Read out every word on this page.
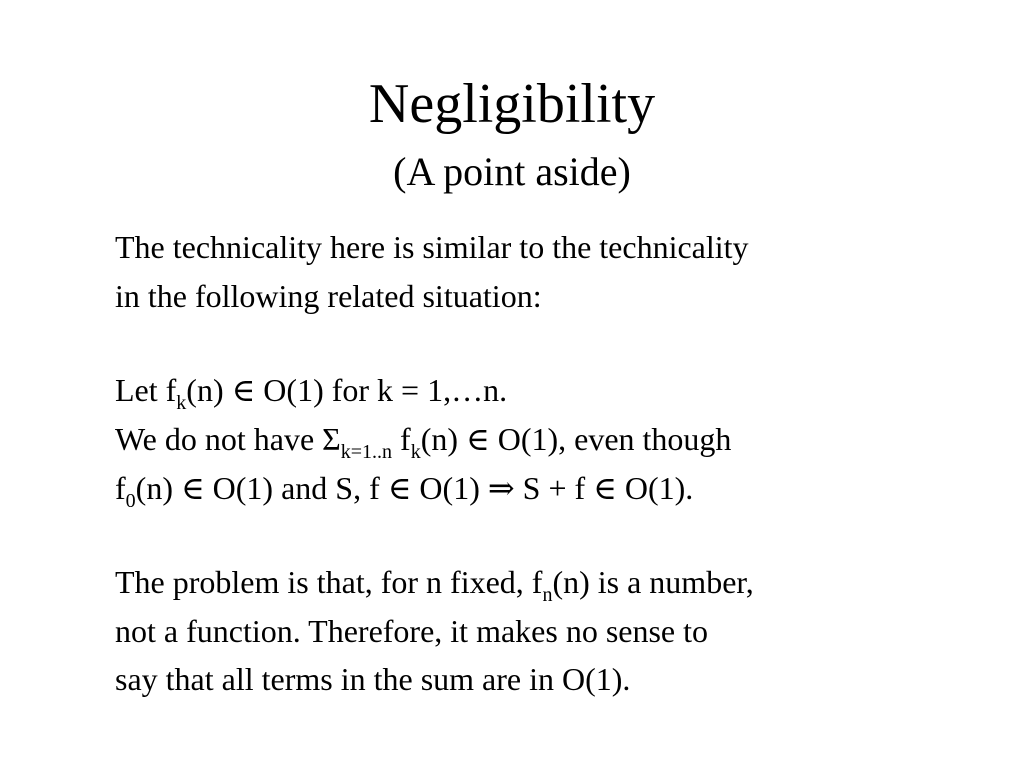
Negligibility
(A point aside)
The technicality here is similar to the technicality
in the following related situation:
Let $f_k(n)$ ∈ O(1) for k = 1,…n.
We do not have $\Sigma_{k=1..n}$ $f_k(n)$ ∈ O(1), even though
$f_0(n)$ ∈ O(1) and S, f ∈ O(1) ⇒ S + f ∈ O(1).
The problem is that, for n fixed, $f_n(n)$ is a number,
not a function. Therefore, it makes no sense to
say that all terms in the sum are in O(1).
